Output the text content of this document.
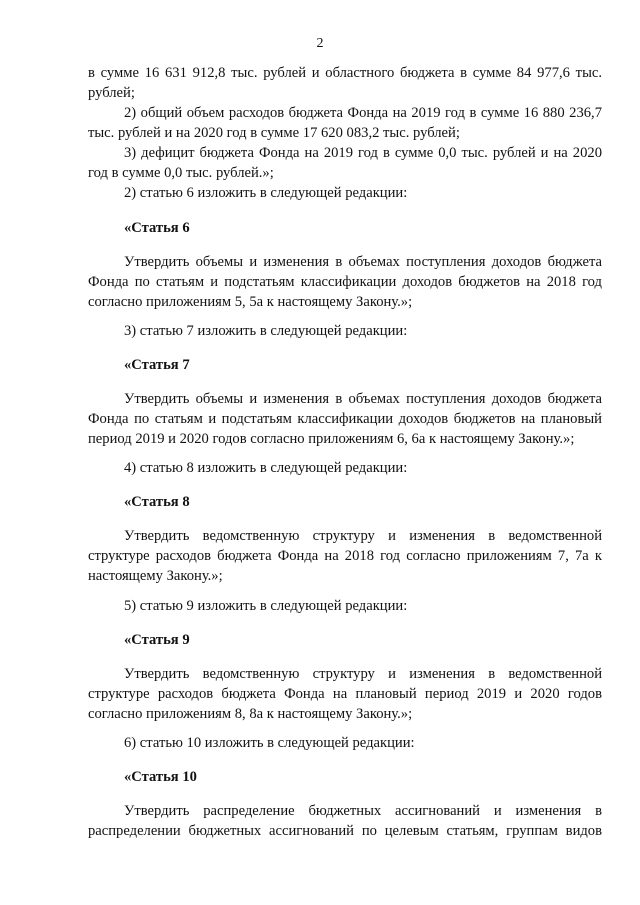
2

в сумме 16 631 912,8 тыс. рублей и областного бюджета в сумме 84 977,6 тыс. рублей;

2) общий объем расходов бюджета Фонда на 2019 год в сумме 16 880 236,7 тыс. рублей и на 2020 год в сумме 17 620 083,2 тыс. рублей;

3) дефицит бюджета Фонда на 2019 год в сумме 0,0 тыс. рублей и на 2020 год в сумме 0,0 тыс. рублей.»;

2) статью 6 изложить в следующей редакции:

«Статья 6

Утвердить объемы и изменения в объемах поступления доходов бюджета Фонда по статьям и подстатьям классификации доходов бюджетов на 2018 год согласно приложениям 5, 5а к настоящему Закону.»;

3) статью 7 изложить в следующей редакции:

«Статья 7

Утвердить объемы и изменения в объемах поступления доходов бюджета Фонда по статьям и подстатьям классификации доходов бюджетов на плановый период 2019 и 2020 годов согласно приложениям 6, 6а к настоящему Закону.»;

4) статью 8 изложить в следующей редакции:

«Статья 8

Утвердить ведомственную структуру и изменения в ведомственной структуре расходов бюджета Фонда на 2018 год согласно приложениям 7, 7а к настоящему Закону.»;

5) статью 9 изложить в следующей редакции:

«Статья 9

Утвердить ведомственную структуру и изменения в ведомственной структуре расходов бюджета Фонда на плановый период 2019 и 2020 годов согласно приложениям 8, 8а к настоящему Закону.»;

6) статью 10 изложить в следующей редакции:

«Статья 10

Утвердить распределение бюджетных ассигнований и изменения в распределении бюджетных ассигнований по целевым статьям, группам видов
